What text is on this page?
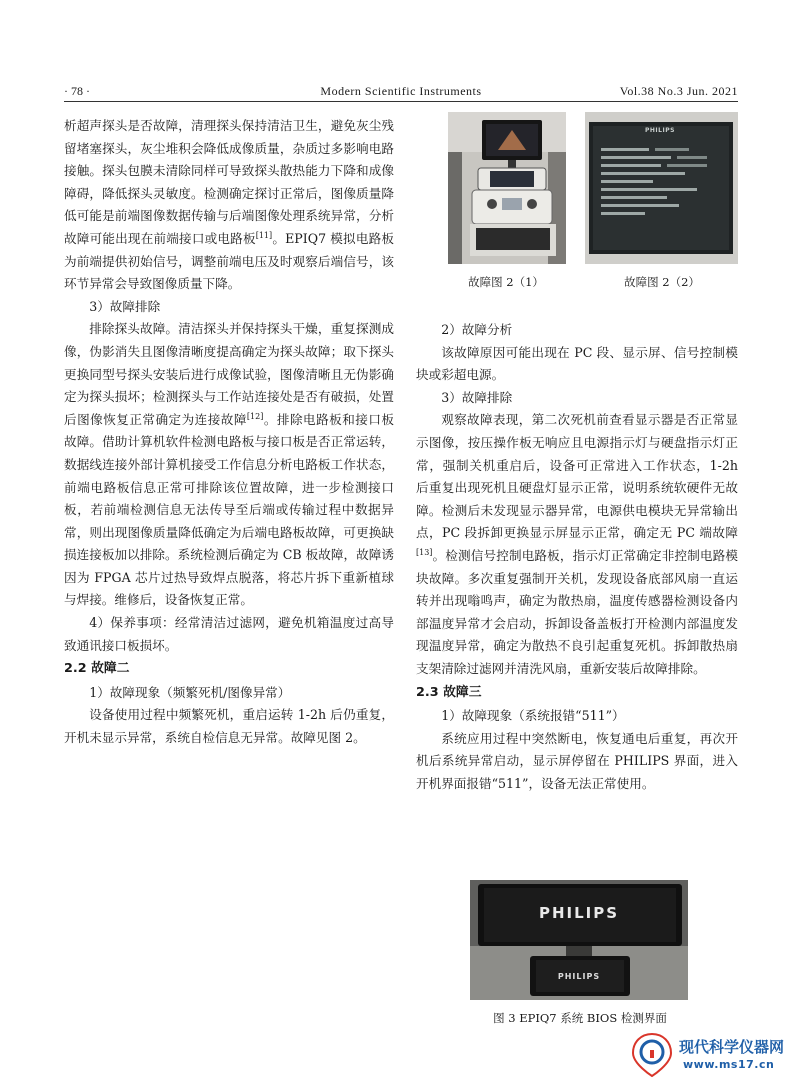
· 78 ·	Modern Scientific Instruments	Vol.38 No.3 Jun. 2021

析超声探头是否故障，清理探头保持清洁卫生，避免灰尘残留堵塞探头，灰尘堆积会降低成像质量，杂质过多影响电路接触。探头包膜未清除同样可导致探头散热能力下降和成像障碍，降低探头灵敏度。检测确定探讨正常后，图像质量降低可能是前端图像数据传输与后端图像处理系统异常，分析故障可能出现在前端接口或电路板[11]。EPIQ7 模拟电路板为前端提供初始信号，调整前端电压及时观察后端信号，该环节异常会导致图像质量下降。

3）故障排除

排除探头故障。清洁探头并保持探头干燥，重复探测成像，伪影消失且图像清晰度提高确定为探头故障；取下探头更换同型号探头安装后进行成像试验，图像清晰且无伪影确定为探头损坏；检测探头与工作站连接处是否有破损，处置后图像恢复正常确定为连接故障[12]。排除电路板和接口板故障。借助计算机软件检测电路板与接口板是否正常运转，数据线连接外部计算机接受工作信息分析电路板工作状态，前端电路板信息正常可排除该位置故障，进一步检测接口板，若前端检测信息无法传导至后端或传输过程中数据异常，则出现图像质量降低确定为后端电路板故障，可更换缺损连接板加以排除。系统检测后确定为 CB 板故障，故障诱因为 FPGA 芯片过热导致焊点脱落，将芯片拆下重新植球与焊接。维修后，设备恢复正常。

4）保养事项：经常清洁过滤网，避免机箱温度过高导致通讯接口板损坏。

2.2 故障二

1）故障现象（频繁死机/图像异常）

设备使用过程中频繁死机，重启运转 1-2h 后仍重复，开机未显示异常，系统自检信息无异常。故障见图 2。

故障图 2（1）
PHILIPS
故障图 2（2）

2）故障分析

该故障原因可能出现在 PC 段、显示屏、信号控制模块或彩超电源。

3）故障排除

观察故障表现，第二次死机前查看显示器是否正常显示图像，按压操作板无响应且电源指示灯与硬盘指示灯正常，强制关机重启后，设备可正常进入工作状态，1-2h 后重复出现死机且硬盘灯显示正常，说明系统软硬件无故障。检测后未发现显示器异常，电源供电模块无异常输出点，PC 段拆卸更换显示屏显示正常，确定无 PC 端故障[13]。检测信号控制电路板，指示灯正常确定非控制电路模块故障。多次重复强制开关机，发现设备底部风扇一直运转并出现嗡鸣声，确定为散热扇，温度传感器检测设备内部温度异常才会启动，拆卸设备盖板打开检测内部温度发现温度异常，确定为散热不良引起重复死机。拆卸散热扇支架清除过滤网并清洗风扇，重新安装后故障排除。

2.3 故障三

1）故障现象（系统报错“511”）

系统应用过程中突然断电，恢复通电后重复，再次开机后系统异常启动，显示屏停留在 PHILIPS 界面，进入开机界面报错“511”，设备无法正常使用。

PHILIPS
PHILIPS
图 3 EPIQ7 系统 BIOS 检测界面
现代科学仪器网
www.ms17.cn
